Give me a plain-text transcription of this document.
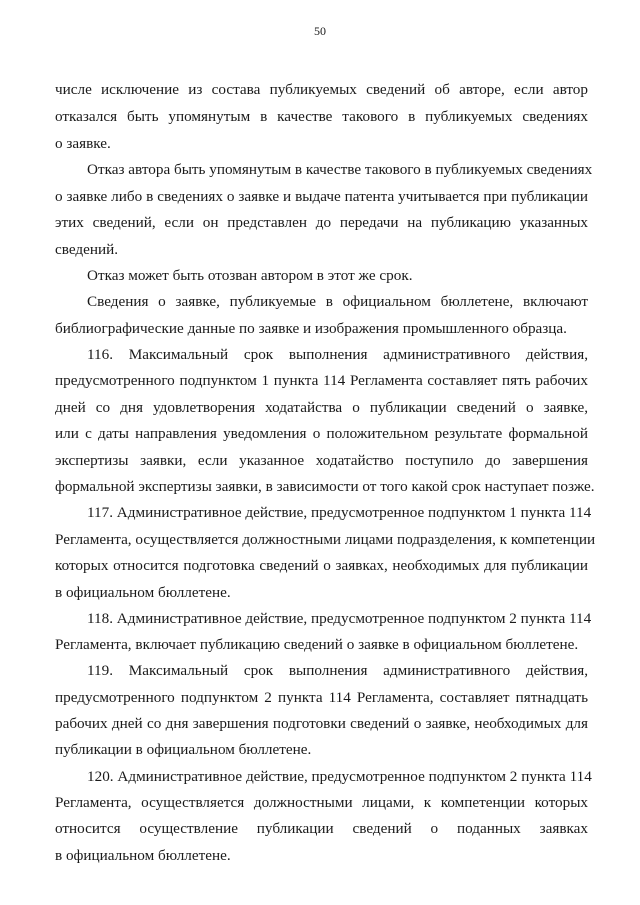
50
числе исключение из состава публикуемых сведений об авторе, если автор
отказался быть упомянутым в качестве такового в публикуемых сведениях
о заявке.
Отказ автора быть упомянутым в качестве такового в публикуемых сведениях
о заявке либо в сведениях о заявке и выдаче патента учитывается при публикации
этих сведений, если он представлен до передачи на публикацию указанных
сведений.
Отказ может быть отозван автором в этот же срок.
Сведения о заявке, публикуемые в официальном бюллетене, включают
библиографические данные по заявке и изображения промышленного образца.
116. Максимальный срок выполнения административного действия,
предусмотренного подпунктом 1 пункта 114 Регламента составляет пять рабочих
дней со дня удовлетворения ходатайства о публикации сведений о заявке,
или с даты направления уведомления о положительном результате формальной
экспертизы заявки, если указанное ходатайство поступило до завершения
формальной экспертизы заявки, в зависимости от того какой срок наступает позже.
117. Административное действие, предусмотренное подпунктом 1 пункта 114
Регламента, осуществляется должностными лицами подразделения, к компетенции
которых относится подготовка сведений о заявках, необходимых для публикации
в официальном бюллетене.
118. Административное действие, предусмотренное подпунктом 2 пункта 114
Регламента, включает публикацию сведений о заявке в официальном бюллетене.
119. Максимальный срок выполнения административного действия,
предусмотренного подпунктом 2 пункта 114 Регламента, составляет пятнадцать
рабочих дней со дня завершения подготовки сведений о заявке, необходимых для
публикации в официальном бюллетене.
120. Административное действие, предусмотренное подпунктом 2 пункта 114
Регламента, осуществляется должностными лицами, к компетенции которых
относится осуществление публикации сведений о поданных заявках
в официальном бюллетене.
